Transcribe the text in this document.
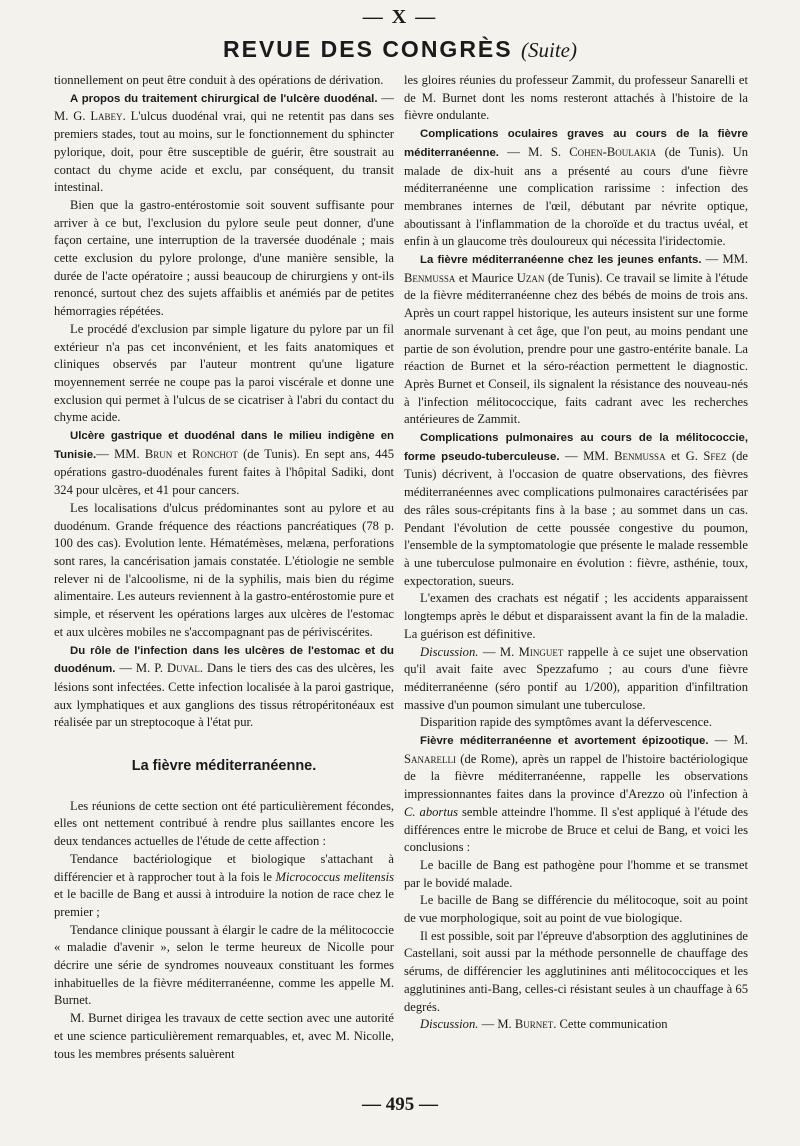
— X —
REVUE DES CONGRÈS (Suite)

tionnellement on peut être conduit à des opérations de dérivation.

A propos du traitement chirurgical de l'ulcère duodénal. — M. G. Labey. L'ulcus duodénal vrai, qui ne retentit pas dans ses premiers stades, tout au moins, sur le fonctionnement du sphincter pylorique, doit, pour être susceptible de guérir, être soustrait au contact du chyme acide et exclu, par conséquent, du transit intestinal.

Bien que la gastro-entérostomie soit souvent suffisante pour arriver à ce but, l'exclusion du pylore seule peut donner, d'une façon certaine, une interruption de la traversée duodénale ; mais cette exclusion du pylore prolonge, d'une manière sensible, la durée de l'acte opératoire ; aussi beaucoup de chirurgiens y ont-ils renoncé, surtout chez des sujets affaiblis et anémiés par de petites hémorragies répétées.

Le procédé d'exclusion par simple ligature du pylore par un fil extérieur n'a pas cet inconvénient, et les faits anatomiques et cliniques observés par l'auteur montrent qu'une ligature moyennement serrée ne coupe pas la paroi viscérale et donne une exclusion qui permet à l'ulcus de se cicatriser à l'abri du contact du chyme acide.

Ulcère gastrique et duodénal dans le milieu indigène en Tunisie.— MM. Brun et Ronchot (de Tunis). En sept ans, 445 opérations gastro-duodénales furent faites à l'hôpital Sadiki, dont 324 pour ulcères, et 41 pour cancers.

Les localisations d'ulcus prédominantes sont au pylore et au duodénum. Grande fréquence des réactions pancréatiques (78 p. 100 des cas). Evolution lente. Hématémèses, melæna, perforations sont rares, la cancérisation jamais constatée. L'étiologie ne semble relever ni de l'alcoolisme, ni de la syphilis, mais bien du régime alimentaire. Les auteurs reviennent à la gastro-entérostomie pure et simple, et réservent les opérations larges aux ulcères de l'estomac et aux ulcères mobiles ne s'accompagnant pas de périviscérites.

Du rôle de l'infection dans les ulcères de l'estomac et du duodénum. — M. P. Duval. Dans le tiers des cas des ulcères, les lésions sont infectées. Cette infection localisée à la paroi gastrique, aux lymphatiques et aux ganglions des tissus rétropéritonéaux est réalisée par un streptocoque à l'état pur.

La fièvre méditerranéenne.

Les réunions de cette section ont été particulièrement fécondes, elles ont nettement contribué à rendre plus saillantes encore les deux tendances actuelles de l'étude de cette affection :

Tendance bactériologique et biologique s'attachant à différencier et à rapprocher tout à la fois le Micrococcus melitensis et le bacille de Bang et aussi à introduire la notion de race chez le premier ;

Tendance clinique poussant à élargir le cadre de la mélitococcie « maladie d'avenir », selon le terme heureux de Nicolle pour décrire une série de syndromes nouveaux constituant les formes inhabituelles de la fièvre méditerranéenne, comme les appelle M. Burnet.

M. Burnet dirigea les travaux de cette section avec une autorité et une science particulièrement remarquables, et, avec M. Nicolle, tous les membres présents saluèrent

les gloires réunies du professeur Zammit, du professeur Sanarelli et de M. Burnet dont les noms resteront attachés à l'histoire de la fièvre ondulante.

Complications oculaires graves au cours de la fièvre méditerranéenne. — M. S. Cohen-Boulakia (de Tunis). Un malade de dix-huit ans a présenté au cours d'une fièvre méditerranéenne une complication rarissime : infection des membranes internes de l'œil, débutant par névrite optique, aboutissant à l'inflammation de la choroïde et du tractus uvéal, et enfin à un glaucome très douloureux qui nécessita l'iridectomie.

La fièvre méditerranéenne chez les jeunes enfants. — MM. Benmussa et Maurice Uzan (de Tunis). Ce travail se limite à l'étude de la fièvre méditerranéenne chez des bébés de moins de trois ans. Après un court rappel historique, les auteurs insistent sur une forme anormale survenant à cet âge, que l'on peut, au moins pendant une partie de son évolution, prendre pour une gastro-entérite banale. La réaction de Burnet et la séro-réaction permettent le diagnostic. Après Burnet et Conseil, ils signalent la résistance des nouveau-nés à l'infection mélitococcique, faits cadrant avec les recherches antérieures de Zammit.

Complications pulmonaires au cours de la mélitococcie, forme pseudo-tuberculeuse. — MM. Benmussa et G. Sfez (de Tunis) décrivent, à l'occasion de quatre observations, des fièvres méditerranéennes avec complications pulmonaires caractérisées par des râles sous-crépitants fins à la base ; au sommet dans un cas. Pendant l'évolution de cette poussée congestive du poumon, l'ensemble de la symptomatologie que présente le malade ressemble à une tuberculose pulmonaire en évolution : fièvre, asthénie, toux, expectoration, sueurs.

L'examen des crachats est négatif ; les accidents apparaissent longtemps après le début et disparaissent avant la fin de la maladie. La guérison est définitive.

Discussion. — M. Minguet rappelle à ce sujet une observation qu'il avait faite avec Spezzafumo ; au cours d'une fièvre méditerranéenne (séro pontif au 1/200), apparition d'infiltration massive d'un poumon simulant une tuberculose.

Disparition rapide des symptômes avant la défervescence.

Fièvre méditerranéenne et avortement épizootique. — M. Sanarelli (de Rome), après un rappel de l'histoire bactériologique de la fièvre méditerranéenne, rappelle les observations impressionnantes faites dans la province d'Arezzo où l'infection à C. abortus semble atteindre l'homme. Il s'est appliqué à l'étude des différences entre le microbe de Bruce et celui de Bang, et voici les conclusions :

Le bacille de Bang est pathogène pour l'homme et se transmet par le bovidé malade.

Le bacille de Bang se différencie du mélitocoque, soit au point de vue morphologique, soit au point de vue biologique.

Il est possible, soit par l'épreuve d'absorption des agglutinines de Castellani, soit aussi par la méthode personnelle de chauffage des sérums, de différencier les agglutinines anti mélitococciques et les agglutinines anti-Bang, celles-ci résistant seules à un chauffage à 65 degrés.

Discussion. — M. Burnet. Cette communication

— 495 —
